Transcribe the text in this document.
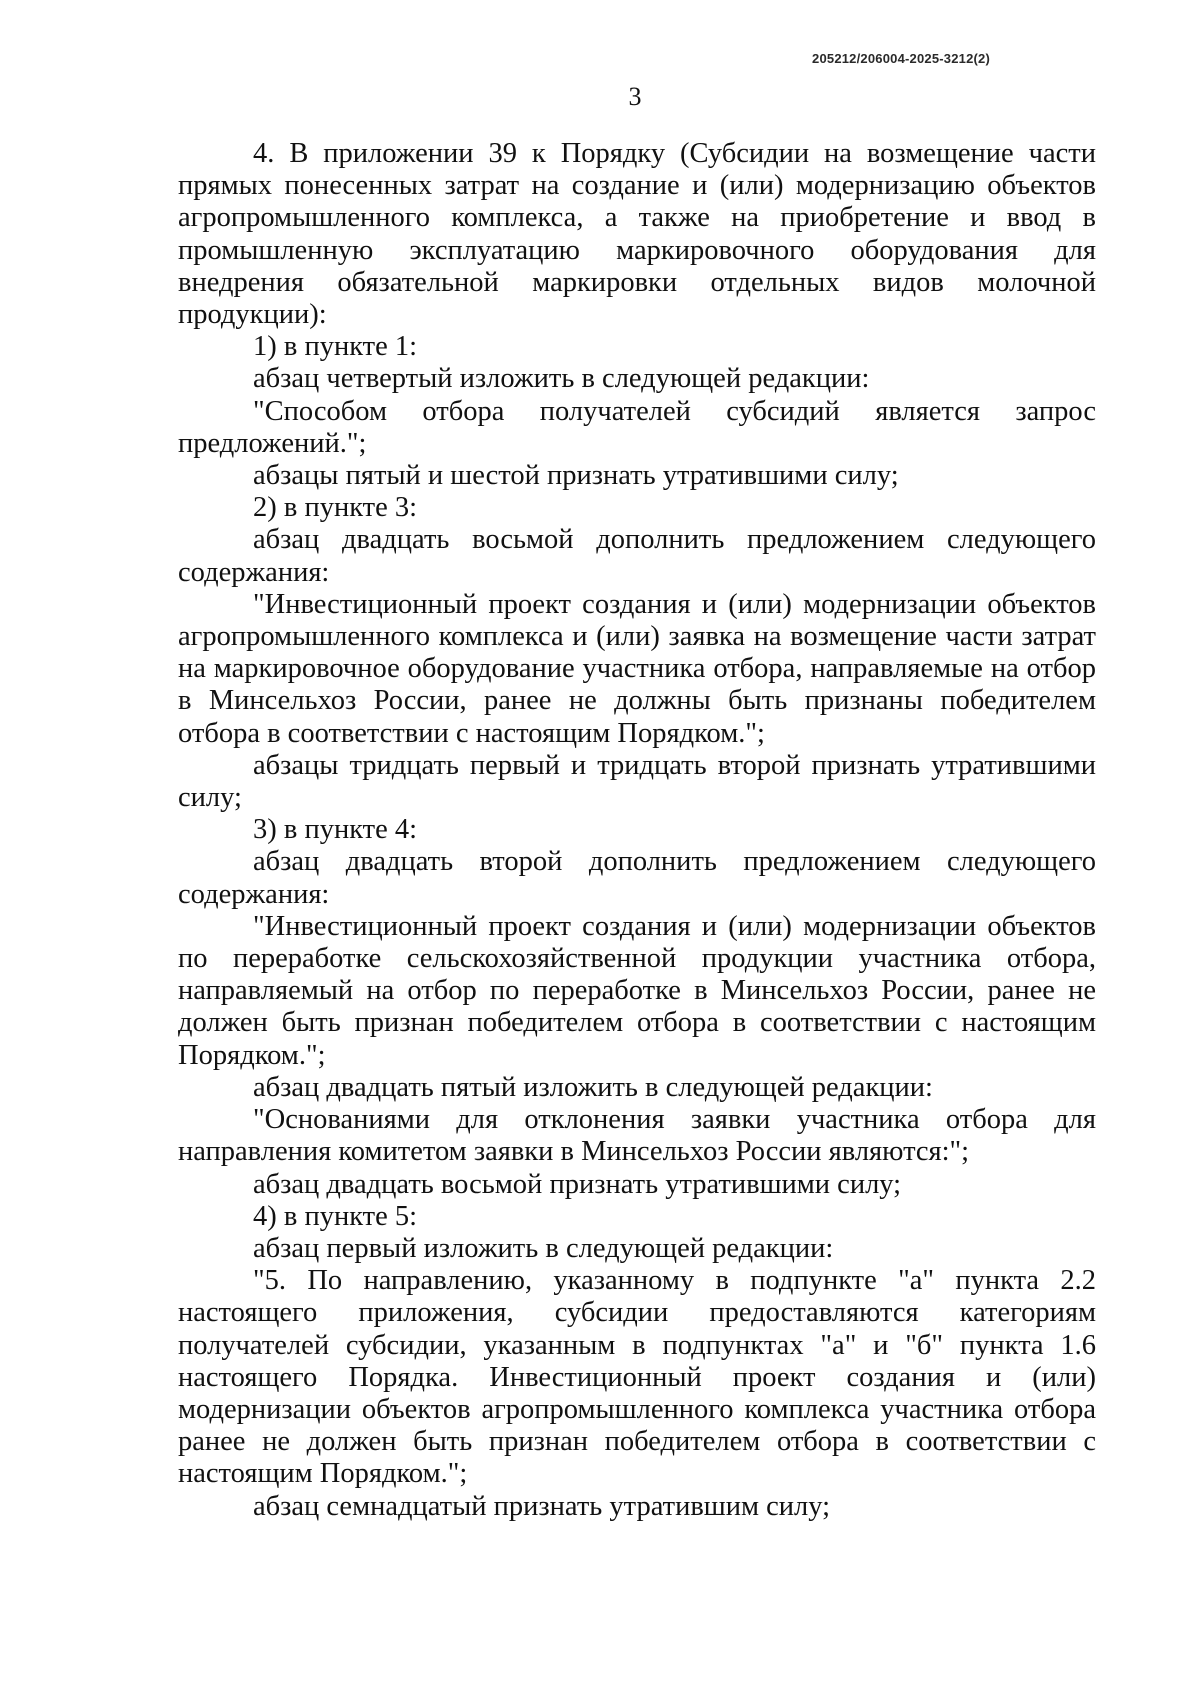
205212/206004-2025-3212(2)
3

4. В приложении 39 к Порядку (Субсидии на возмещение части прямых понесенных затрат на создание и (или) модернизацию объектов агропромышленного комплекса, а также на приобретение и ввод в промышленную эксплуатацию маркировочного оборудования для внедрения обязательной маркировки отдельных видов молочной продукции):

1) в пункте 1:

абзац четвертый изложить в следующей редакции:

"Способом отбора получателей субсидий является запрос предложений.";

абзацы пятый и шестой признать утратившими силу;

2) в пункте 3:

абзац двадцать восьмой дополнить предложением следующего содержания:

"Инвестиционный проект создания и (или) модернизации объектов агропромышленного комплекса и (или) заявка на возмещение части затрат на маркировочное оборудование участника отбора, направляемые на отбор в Минсельхоз России, ранее не должны быть признаны победителем отбора в соответствии с настоящим Порядком.";

абзацы тридцать первый и тридцать второй признать утратившими силу;

3) в пункте 4:

абзац двадцать второй дополнить предложением следующего содержания:

"Инвестиционный проект создания и (или) модернизации объектов по переработке сельскохозяйственной продукции участника отбора, направляемый на отбор по переработке в Минсельхоз России, ранее не должен быть признан победителем отбора в соответствии с настоящим Порядком.";

абзац двадцать пятый изложить в следующей редакции:

"Основаниями для отклонения заявки участника отбора для направления комитетом заявки в Минсельхоз России являются:";

абзац двадцать восьмой признать утратившими силу;

4) в пункте 5:

абзац первый изложить в следующей редакции:

"5. По направлению, указанному в подпункте "а" пункта 2.2 настоящего приложения, субсидии предоставляются категориям получателей субсидии, указанным в подпунктах "а" и "б" пункта 1.6 настоящего Порядка. Инвестиционный проект создания и (или) модернизации объектов агропромышленного комплекса участника отбора ранее не должен быть признан победителем отбора в соответствии с настоящим Порядком.";

абзац семнадцатый признать утратившим силу;
